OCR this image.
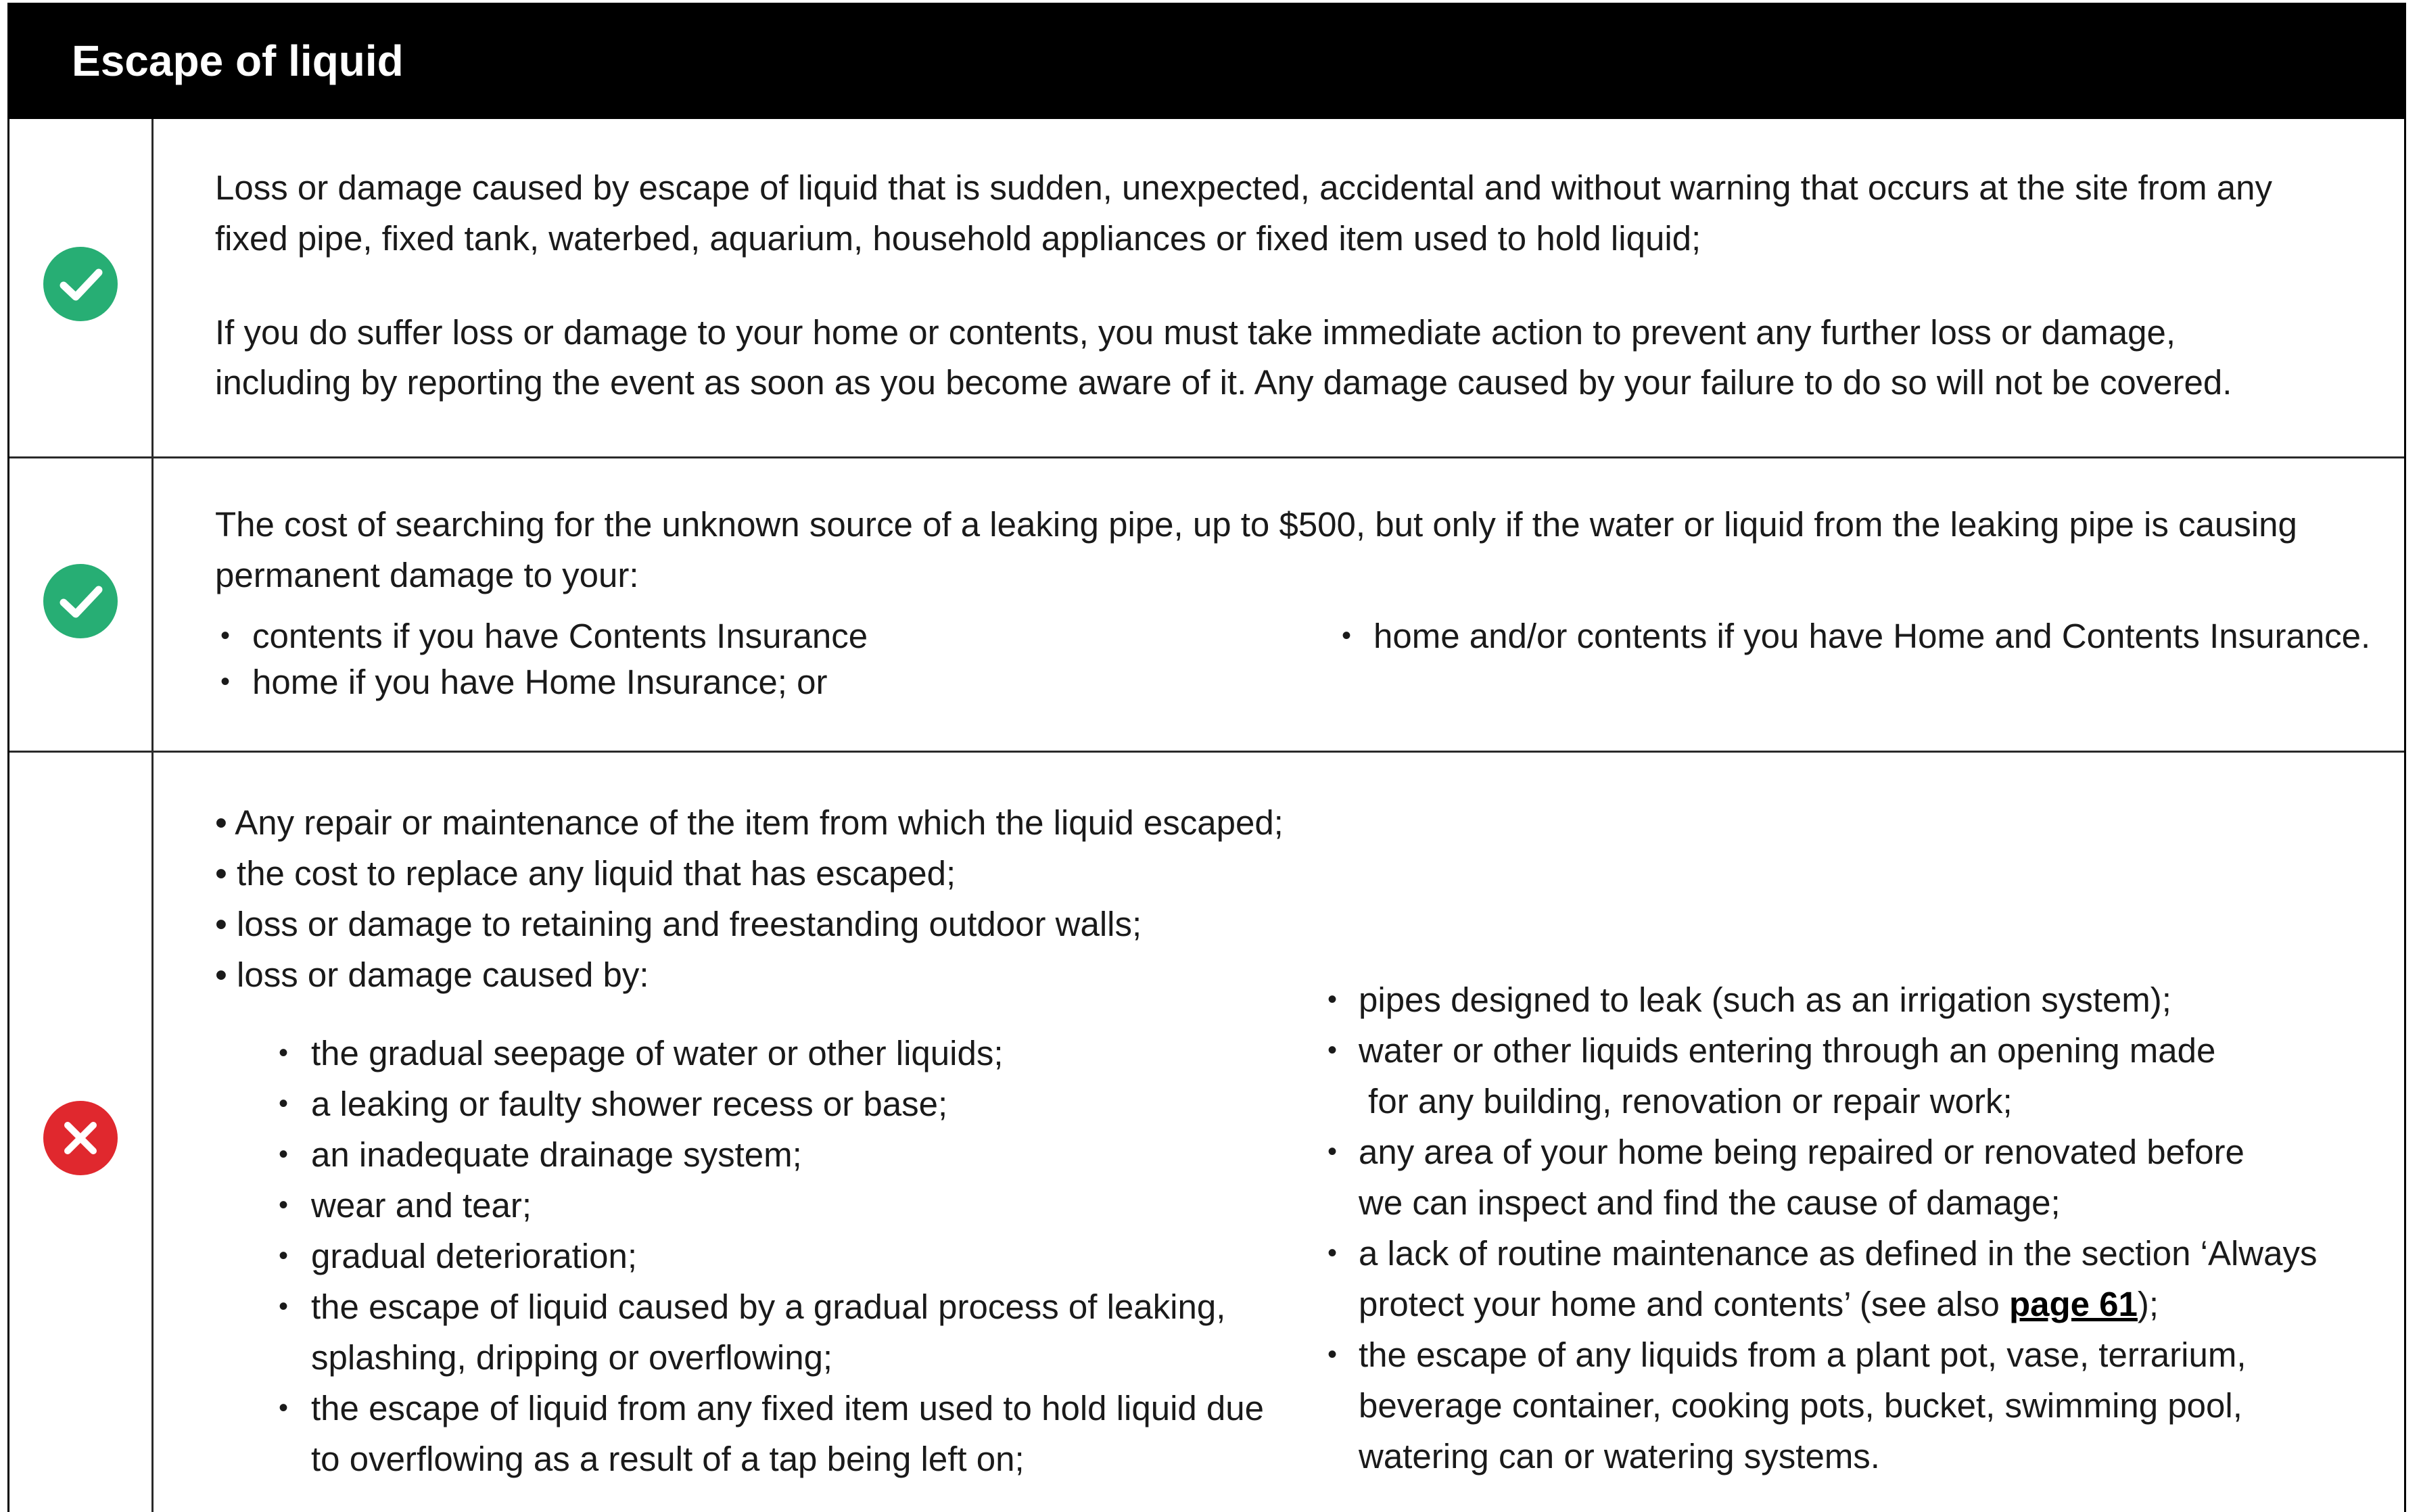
Escape of liquid
Loss or damage caused by escape of liquid that is sudden, unexpected, accidental and without warning that occurs at the site from any
fixed pipe, fixed tank, waterbed, aquarium, household appliances or fixed item used to hold liquid;
If you do suffer loss or damage to your home or contents, you must take immediate action to prevent any further loss or damage,
including by reporting the event as soon as you become aware of it. Any damage caused by your failure to do so will not be covered.
The cost of searching for the unknown source of a leaking pipe, up to $500, but only if the water or liquid from the leaking pipe is causing
permanent damage to your:
• contents if you have Contents Insurance
• home if you have Home Insurance; or
• home and/or contents if you have Home and Contents Insurance.
• Any repair or maintenance of the item from which the liquid escaped;
• the cost to replace any liquid that has escaped;
• loss or damage to retaining and freestanding outdoor walls;
• loss or damage caused by:
• the gradual seepage of water or other liquids;
• a leaking or faulty shower recess or base;
• an inadequate drainage system;
• wear and tear;
• gradual deterioration;
• the escape of liquid caused by a gradual process of leaking,
splashing, dripping or overflowing;
• the escape of liquid from any fixed item used to hold liquid due
to overflowing as a result of a tap being left on;
• pipes designed to leak (such as an irrigation system);
• water or other liquids entering through an opening made
for any building, renovation or repair work;
• any area of your home being repaired or renovated before
we can inspect and find the cause of damage;
• a lack of routine maintenance as defined in the section ‘Always
protect your home and contents’ (see also page 61);
• the escape of any liquids from a plant pot, vase, terrarium,
beverage container, cooking pots, bucket, swimming pool,
watering can or watering systems.
